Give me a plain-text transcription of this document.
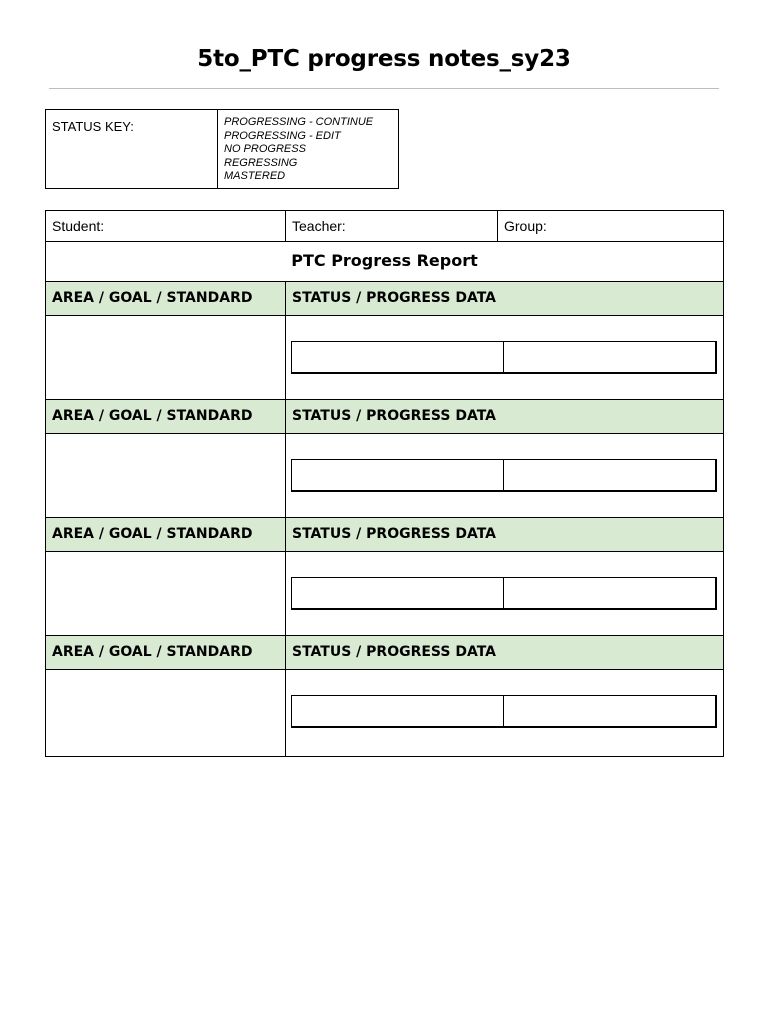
5to_PTC progress notes_sy23
STATUS KEY:	PROGRESSING - CONTINUE
PROGRESSING - EDIT
NO PROGRESS
REGRESSING
MASTERED
Student:	Teacher:	Group:
PTC Progress Report
AREA / GOAL / STANDARD	STATUS / PROGRESS DATA
AREA / GOAL / STANDARD	STATUS / PROGRESS DATA
AREA / GOAL / STANDARD	STATUS / PROGRESS DATA
AREA / GOAL / STANDARD	STATUS / PROGRESS DATA
